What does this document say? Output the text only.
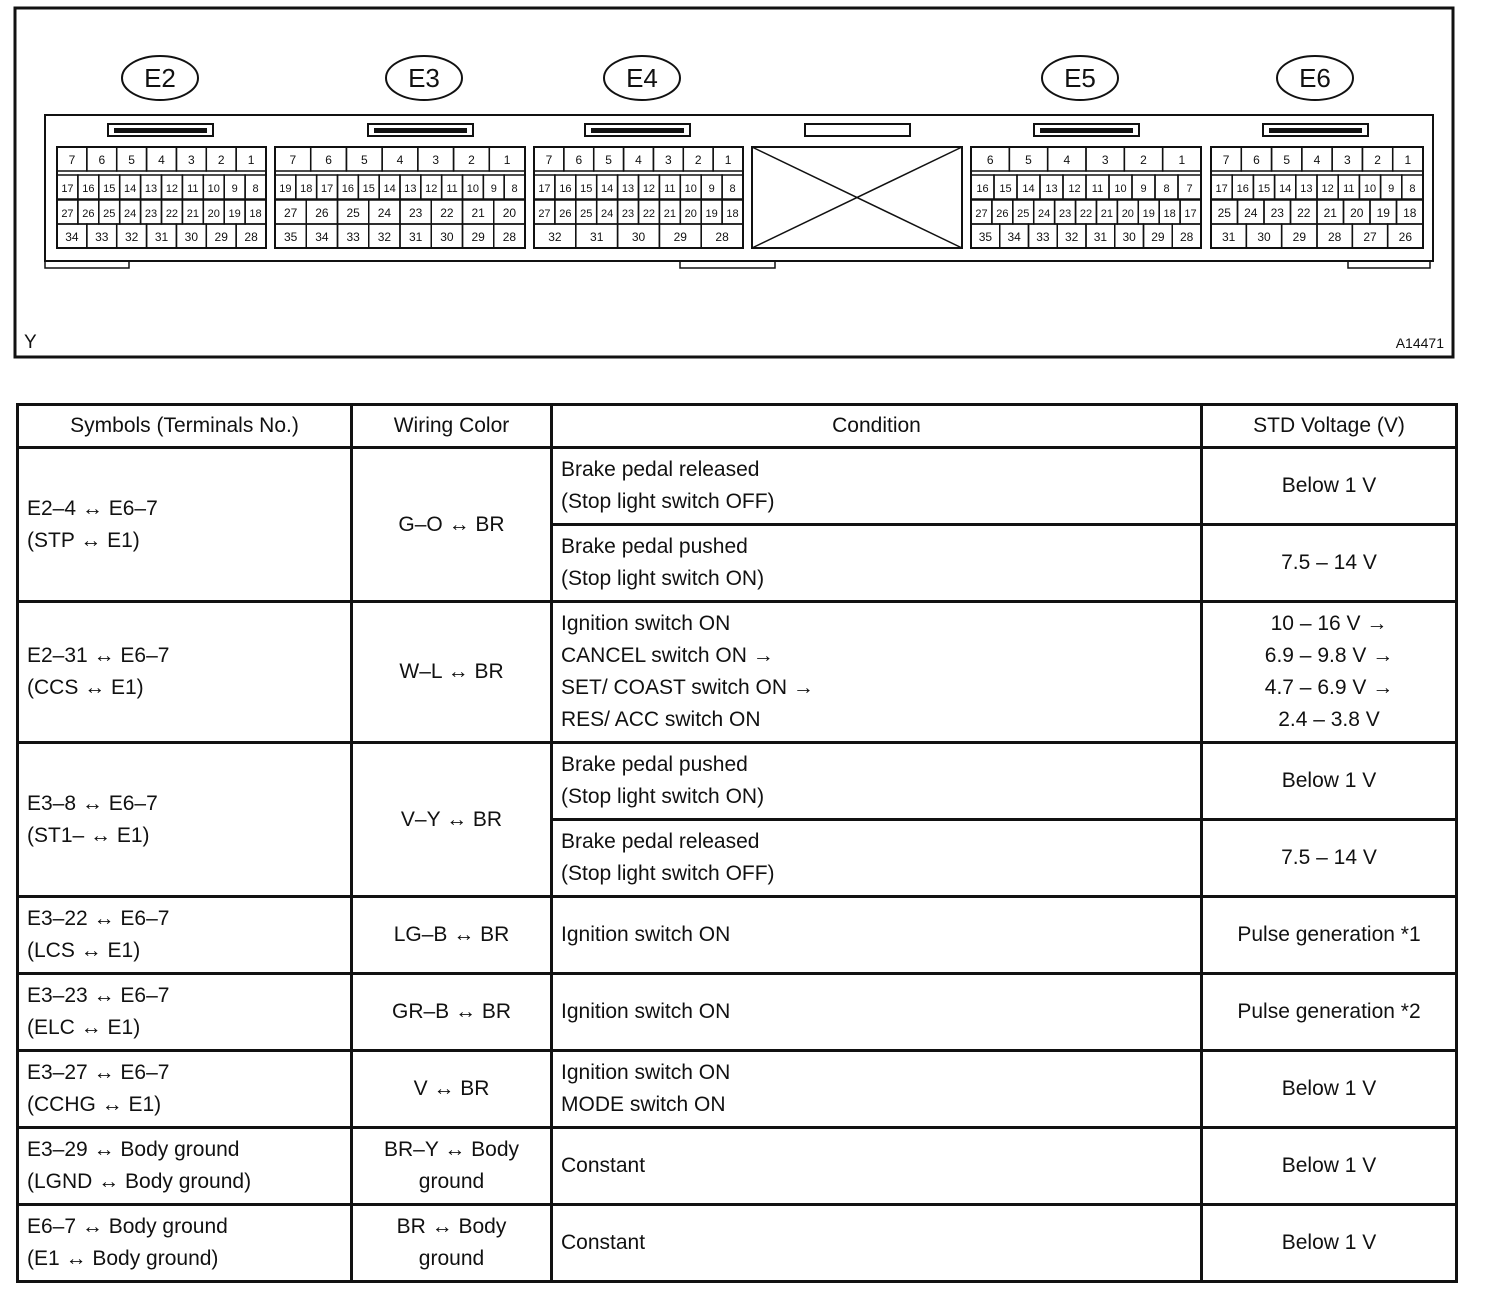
E2
7 6 5 4 3 2 1
17 16 15 14 13 12 11 10 9 8
27 26 25 24 23 22 21 20 19 18
34 33 32 31 30 29 28
E3
7 6 5 4 3 2 1
19 18 17 16 15 14 13 12 11 10 9 8
27 26 25 24 23 22 21 20
35 34 33 32 31 30 29 28
E4
7 6 5 4 3 2 1
17 16 15 14 13 12 11 10 9 8
27 26 25 24 23 22 21 20 19 18
32 31 30 29 28
E5
6	5	4	3	2	1
16 15 14 13 12 11 10 9 8 7
27 26 25 24 23 22 21 20 19 18 17
35 34 33 32 31 30 29 28
E6
7 6 5 4 3 2 1
17 16 15 14 13 12 11 10 9 8
25 24 23 22 21 20 19 18
31 30 29 28 27 26
Y	A14471
Symbols (Terminals No.)	Wiring Color	Condition	STD Voltage (V)

E2–4 ↔ E6–7
(STP ↔ E1)	G–O ↔ BR	Brake pedal released
(Stop light switch OFF)	Below 1 V

		Brake pedal pushed
(Stop light switch ON)	7.5 – 14 V

E2–31 ↔ E6–7
(CCS ↔ E1)	W–L ↔ BR	Ignition switch ON
CANCEL switch ON →
SET/ COAST switch ON →
RES/ ACC switch ON	10 – 16 V →
6.9 – 9.8 V →
4.7 – 6.9 V →
2.4 – 3.8 V

E3–8 ↔ E6–7
(ST1– ↔ E1)	V–Y ↔ BR	Brake pedal pushed
(Stop light switch ON)	Below 1 V

		Brake pedal released
(Stop light switch OFF)	7.5 – 14 V

E3–22 ↔ E6–7
(LCS ↔ E1)	LG–B ↔ BR	Ignition switch ON	Pulse generation *1

E3–23 ↔ E6–7
(ELC ↔ E1)	GR–B ↔ BR	Ignition switch ON	Pulse generation *2

E3–27 ↔ E6–7
(CCHG ↔ E1)	V ↔ BR	Ignition switch ON
MODE switch ON	Below 1 V

E3–29 ↔ Body ground
(LGND ↔ Body ground)	BR–Y ↔ Body
ground	Constant	Below 1 V

E6–7 ↔ Body ground
(E1 ↔ Body ground)	BR ↔ Body
ground	Constant	Below 1 V
